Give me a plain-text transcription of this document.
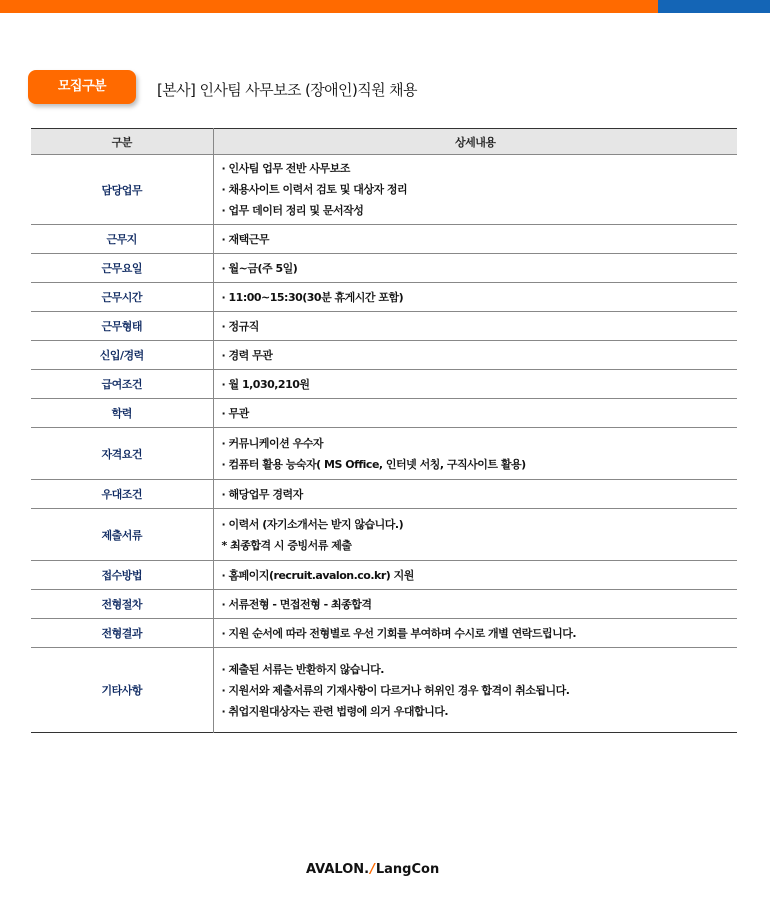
모집구분	[본사] 인사팀 사무보조 (장애인)직원 채용
구분	상세내용
담당업무	· 인사팀 업무 전반 사무보조
· 채용사이트 이력서 검토 및 대상자 정리
· 업무 데이터 정리 및 문서작성

근무지	· 재택근무

근무요일	· 월~금(주 5일)

근무시간	· 11:00~15:30(30분 휴게시간 포함)

근무형태	· 정규직

신입/경력	· 경력 무관

급여조건	· 월 1,030,210원

학력	· 무관

자격요건	· 커뮤니케이션 우수자
· 컴퓨터 활용 능숙자( MS Office, 인터넷 서칭, 구직사이트 활용)

우대조건	· 해당업무 경력자

제출서류	· 이력서 (자기소개서는 받지 않습니다.)
* 최종합격 시 증빙서류 제출

접수방법	· 홈페이지(recruit.avalon.co.kr) 지원

전형절차	· 서류전형 - 면접전형 - 최종합격

전형결과	· 지원 순서에 따라 전형별로 우선 기회를 부여하며 수시로 개별 연락드립니다.

기타사항	· 제출된 서류는 반환하지 않습니다.
· 지원서와 제출서류의 기재사항이 다르거나 허위인 경우 합격이 취소됩니다.
· 취업지원대상자는 관련 법령에 의거 우대합니다.
AVALON./LangCon
